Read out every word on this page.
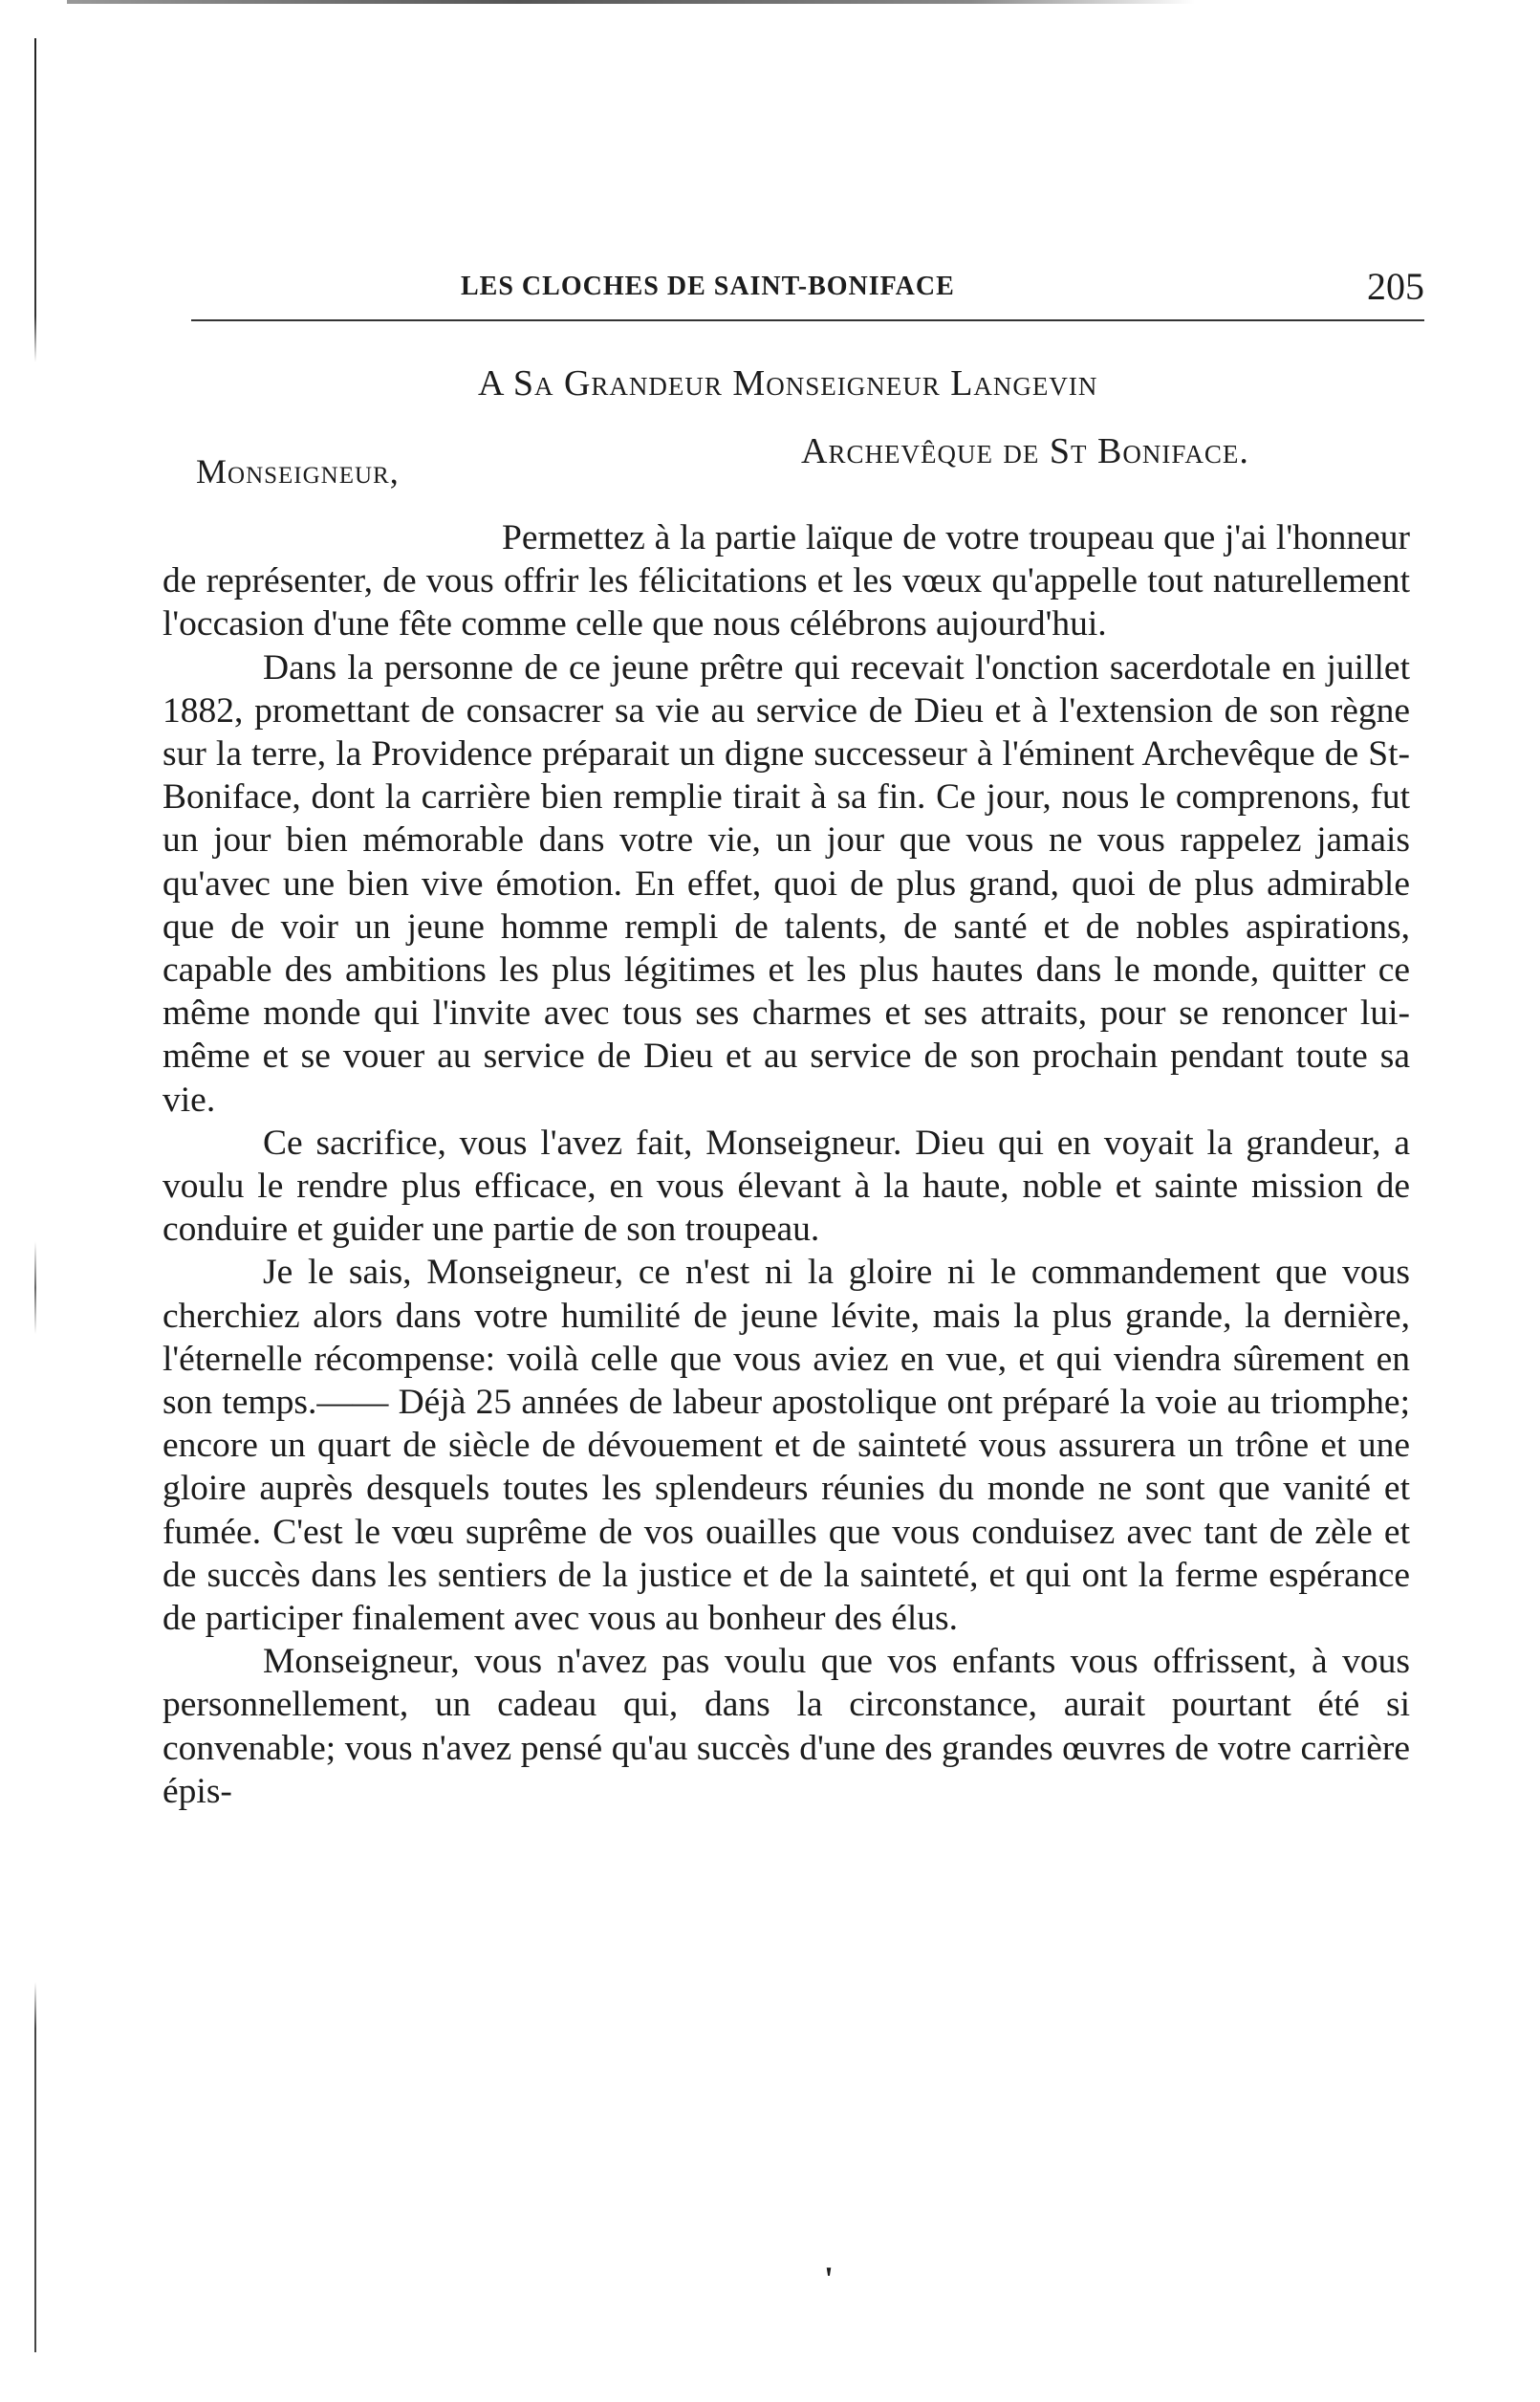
LES CLOCHES DE SAINT-BONIFACE	205
A Sa Grandeur Monseigneur Langevin
Archevêque de St Boniface.
Monseigneur,

Permettez à la partie laïque de votre troupeau que j'ai l'honneur de représenter, de vous offrir les félicitations et les vœux qu'appelle tout naturellement l'occasion d'une fête comme celle que nous célébrons aujourd'hui.

Dans la personne de ce jeune prêtre qui recevait l'onction sacerdotale en juillet 1882, promettant de consacrer sa vie au service de Dieu et à l'extension de son règne sur la terre, la Providence préparait un digne successeur à l'éminent Archevêque de St-Boniface, dont la carrière bien remplie tirait à sa fin. Ce jour, nous le comprenons, fut un jour bien mémorable dans votre vie, un jour que vous ne vous rappelez jamais qu'avec une bien vive émotion. En effet, quoi de plus grand, quoi de plus admirable que de voir un jeune homme rempli de talents, de santé et de nobles aspirations, capable des ambitions les plus légitimes et les plus hautes dans le monde, quitter ce même monde qui l'invite avec tous ses charmes et ses attraits, pour se renoncer lui-même et se vouer au service de Dieu et au service de son prochain pendant toute sa vie.

Ce sacrifice, vous l'avez fait, Monseigneur. Dieu qui en voyait la grandeur, a voulu le rendre plus efficace, en vous élevant à la haute, noble et sainte mission de conduire et guider une partie de son troupeau.

Je le sais, Monseigneur, ce n'est ni la gloire ni le commandement que vous cherchiez alors dans votre humilité de jeune lévite, mais la plus grande, la dernière, l'éternelle récompense: voilà celle que vous aviez en vue, et qui viendra sûrement en son temps.—— Déjà 25 années de labeur apostolique ont préparé la voie au triomphe; encore un quart de siècle de dévouement et de sainteté vous assurera un trône et une gloire auprès desquels toutes les splendeurs réunies du monde ne sont que vanité et fumée. C'est le vœu suprême de vos ouailles que vous conduisez avec tant de zèle et de succès dans les sentiers de la justice et de la sainteté, et qui ont la ferme espérance de participer finalement avec vous au bonheur des élus.

Monseigneur, vous n'avez pas voulu que vos enfants vous offrissent, à vous personnellement, un cadeau qui, dans la circonstance, aurait pourtant été si convenable; vous n'avez pensé qu'au succès d'une des grandes œuvres de votre carrière épis-

'
